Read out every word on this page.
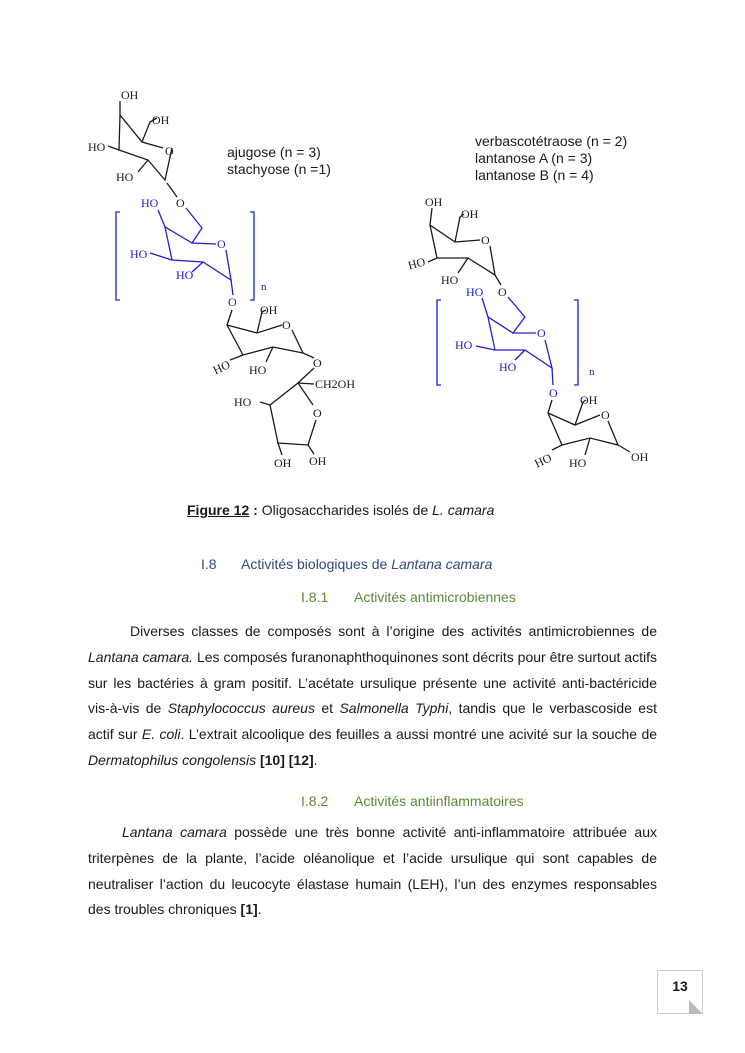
OH
OH
HO	O
HO
O
HO
O
HO
HO
n
O
OH
O
HO HO	O
CH2OH
HO
O
OH OH
ajugose (n = 3)
stachyose (n =1)
verbascotétraose (n = 2)
lantanose A (n = 3)
lantanose B (n = 4)
OH
OH
O
HO
HO
O
HO
O
HO
HO	n
O OH
O
HO HO	OH
Figure 12 : Oligosaccharides isolés de L. camara
I.8 Activités biologiques de Lantana camara
I.8.1 Activités antimicrobiennes

Diverses classes de composés sont à l’origine des activités antimicrobiennes de Lantana camara. Les composés furanonaphthoquinones sont décrits pour être surtout actifs sur les bactéries à gram positif. L’acétate ursulique présente une activité anti-bactéricide vis-à-vis de Staphylococcus aureus et Salmonella Typhi, tandis que le verbascoside est actif sur E. coli. L’extrait alcoolique des feuilles a aussi montré une acivité sur la souche de Dermatophilus congolensis [10] [12].

I.8.2 Activités antiinflammatoires

Lantana camara possède une très bonne activité anti-inflammatoire attribuée aux triterpènes de la plante, l’acide oléanolique et l’acide ursulique qui sont capables de neutraliser l’action du leucocyte élastase humain (LEH), l’un des enzymes responsables des troubles chroniques [1].

13
